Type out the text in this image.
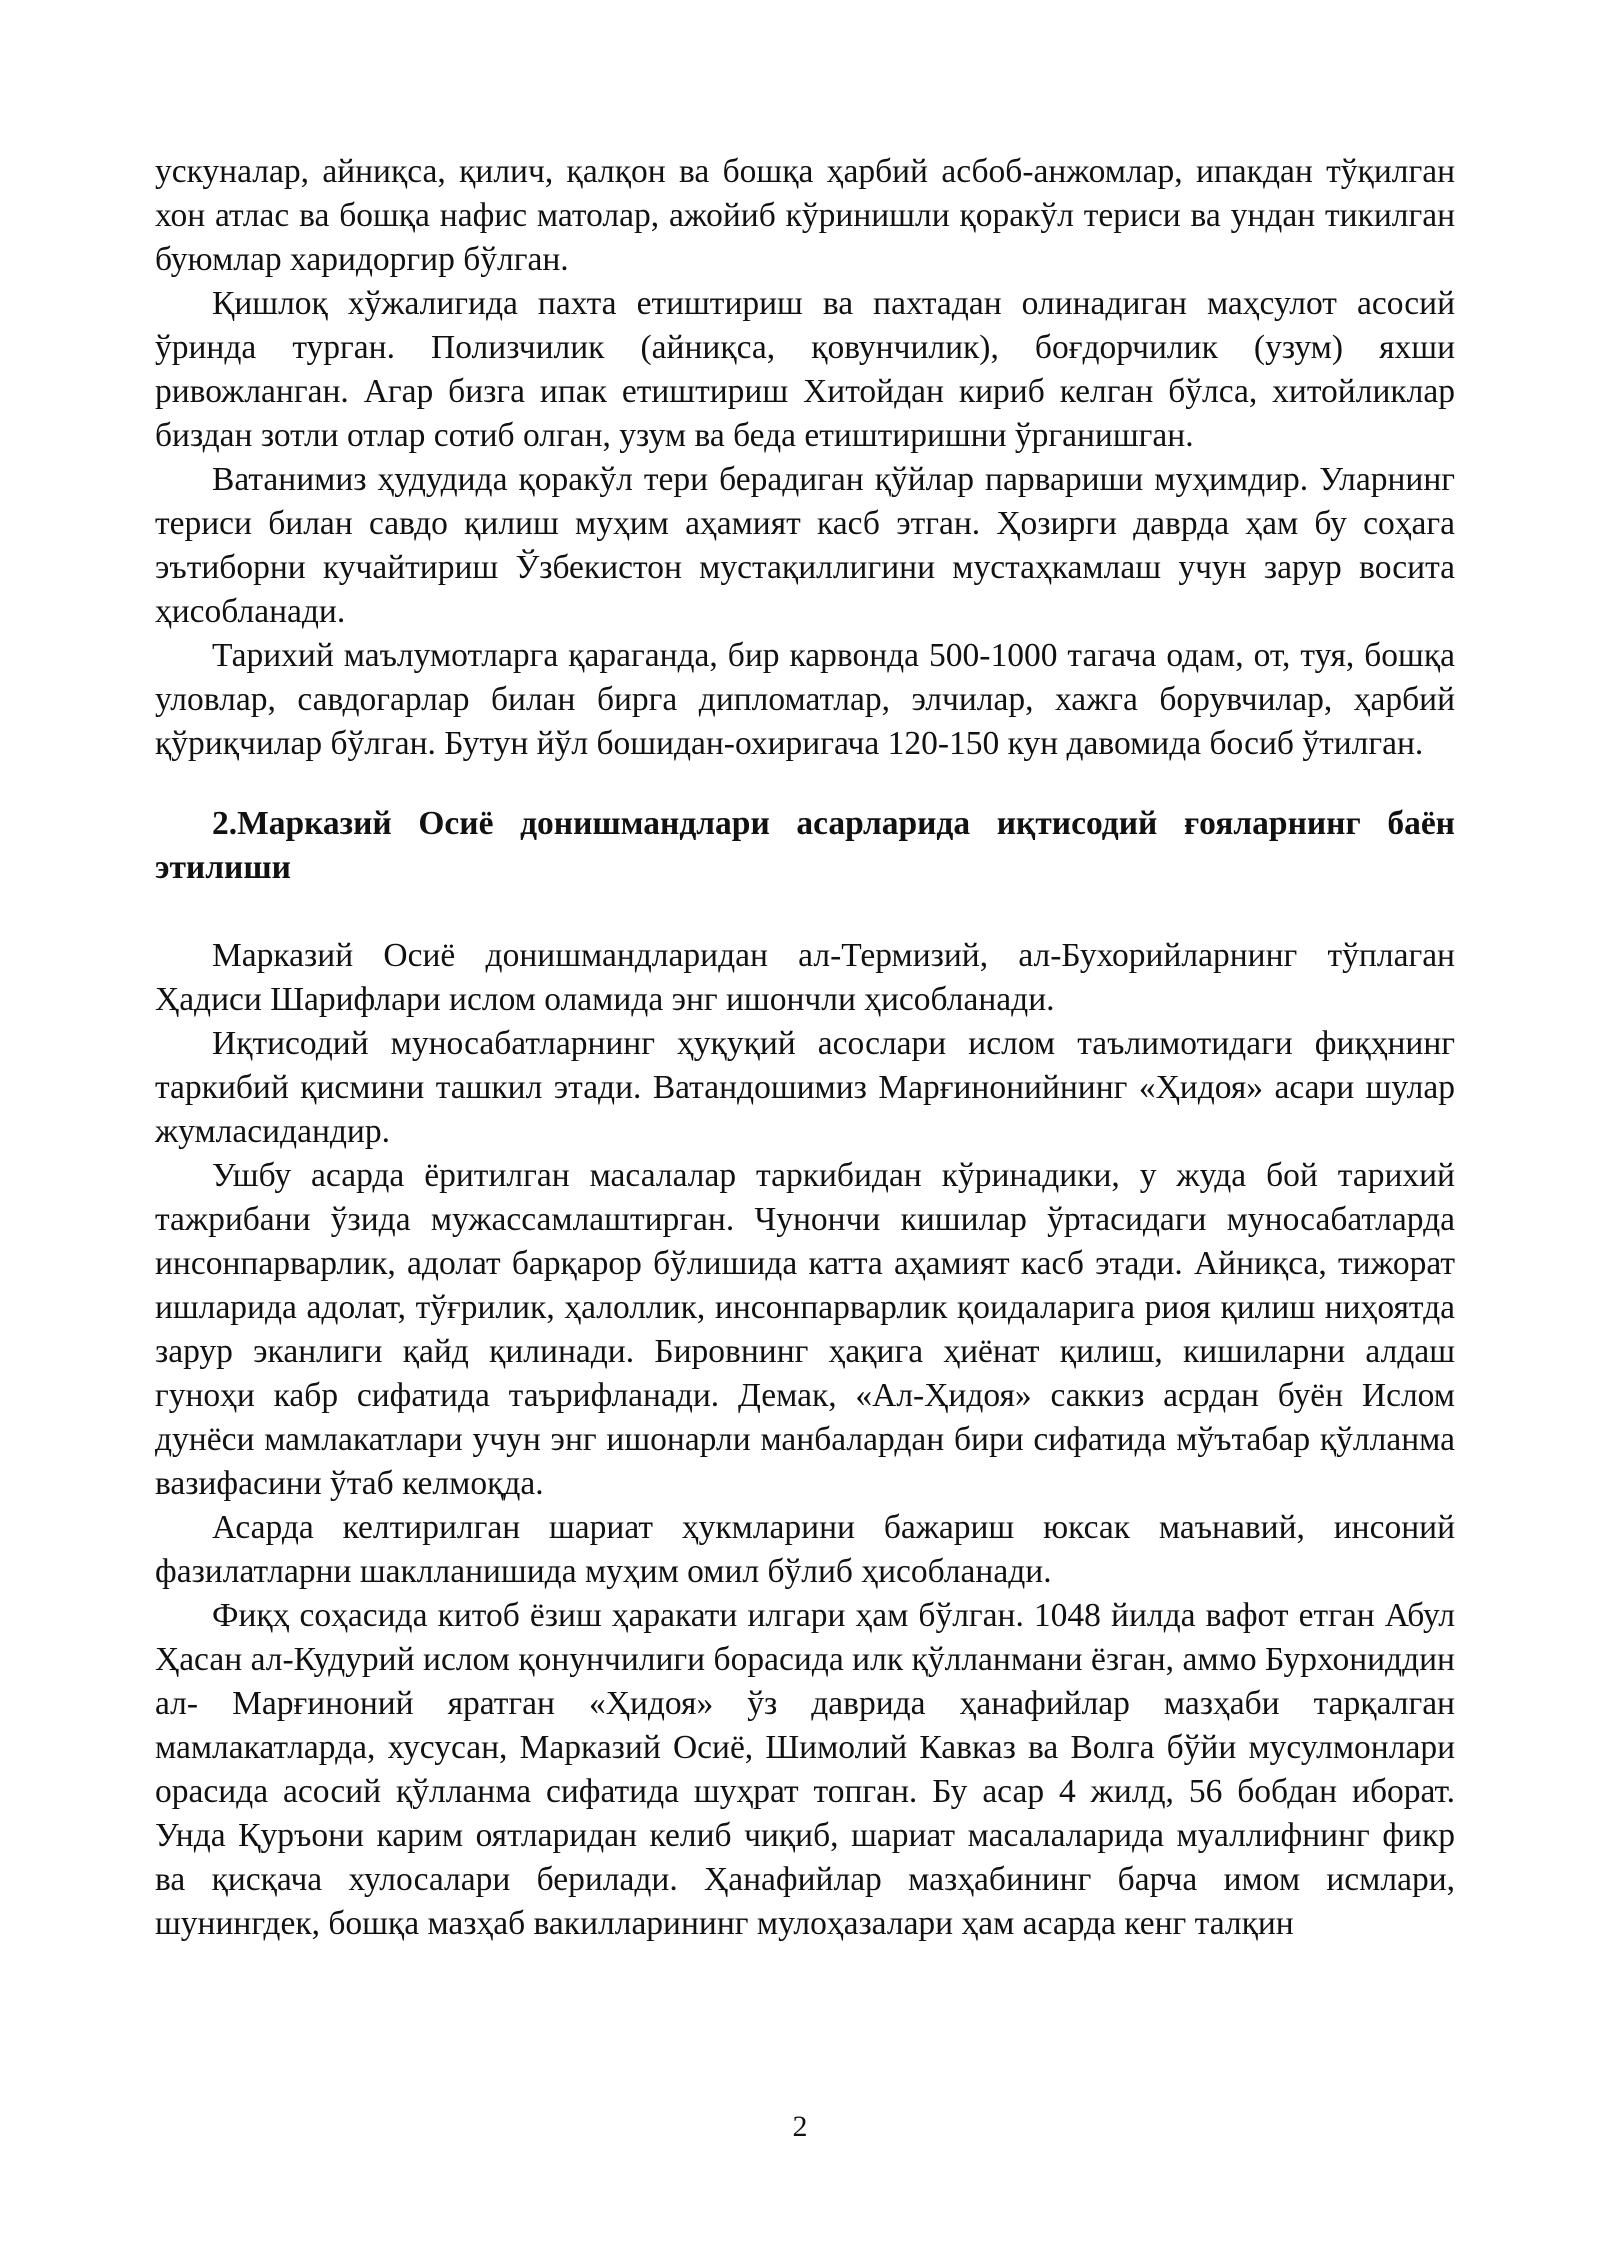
ускуналар, айниқса, қилич, қалқон ва бошқа ҳарбий асбоб-анжомлар, ипакдан тўқилган хон атлас ва бошқа нафис матолар, ажойиб кўринишли қоракўл териси ва ундан тикилган буюмлар харидоргир бўлган.

Қишлоқ хўжалигида пахта етиштириш ва пахтадан олинадиган маҳсулот асосий ўринда турган. Полизчилик (айниқса, қовунчилик), боғдорчилик (узум) яхши ривожланган. Агар бизга ипак етиштириш Хитойдан кириб келган бўлса, хитойликлар биздан зотли отлар сотиб олган, узум ва беда етиштиришни ўрганишган.

Ватанимиз ҳудудида қоракўл тери берадиган қўйлар парвариши муҳимдир. Уларнинг териси билан савдо қилиш муҳим аҳамият касб этган. Ҳозирги даврда ҳам бу соҳага эътиборни кучайтириш Ўзбекистон мустақиллигини мустаҳкамлаш учун зарур восита ҳисобланади.

Тарихий маълумотларга қараганда, бир карвонда 500-1000 тагача одам, от, туя, бошқа уловлар, савдогарлар билан бирга дипломатлар, элчилар, хажга борувчилар, ҳарбий қўриқчилар бўлган. Бутун йўл бошидан-охиригача 120-150 кун давомида босиб ўтилган.

2.Марказий Осиё донишмандлари асарларида иқтисодий ғояларнинг баён этилиши

Марказий Осиё донишмандларидан ал-Термизий, ал-Бухорийларнинг тўплаган Ҳадиси Шарифлари ислом оламида энг ишончли ҳисобланади.

Иқтисодий муносабатларнинг ҳуқуқий асослари ислом таълимотидаги фиқҳнинг таркибий қисмини ташкил этади. Ватандошимиз Марғинонийнинг «Ҳидоя» асари шулар жумласидандир.

Ушбу асарда ёритилган масалалар таркибидан кўринадики, у жуда бой тарихий тажрибани ўзида мужассамлаштирган. Чунончи кишилар ўртасидаги муносабатларда инсонпарварлик, адолат барқарор бўлишида катта аҳамият касб этади. Айниқса, тижорат ишларида адолат, тўғрилик, ҳалоллик, инсонпарварлик қоидаларига риоя қилиш ниҳоятда зарур эканлиги қайд қилинади. Бировнинг ҳақига ҳиёнат қилиш, кишиларни алдаш гуноҳи кабр сифатида таърифланади. Демак, «Ал-Ҳидоя» саккиз асрдан буён Ислом дунёси мамлакатлари учун энг ишонарли манбалардан бири сифатида мўътабар қўлланма вазифасини ўтаб келмоқда.

Асарда келтирилган шариат ҳукмларини бажариш юксак маънавий, инсоний фазилатларни шаклланишида муҳим омил бўлиб ҳисобланади.

Фиқҳ соҳасида китоб ёзиш ҳаракати илгари ҳам бўлган. 1048 йилда вафот етган Абул Ҳасан ал-Кудурий ислом қонунчилиги борасида илк қўлланмани ёзган, аммо Бурхониддин ал- Марғиноний яратган «Ҳидоя» ўз даврида ҳанафийлар мазҳаби тарқалган мамлакатларда, хусусан, Марказий Осиё, Шимолий Кавказ ва Волга бўйи мусулмонлари орасида асосий қўлланма сифатида шуҳрат топган. Бу асар 4 жилд, 56 бобдан иборат. Унда Қуръони карим оятларидан келиб чиқиб, шариат масалаларида муаллифнинг фикр ва қисқача хулосалари берилади. Ҳанафийлар мазҳабининг барча имом исмлари, шунингдек, бошқа мазҳаб вакилларининг мулоҳазалари ҳам асарда кенг талқин

2
